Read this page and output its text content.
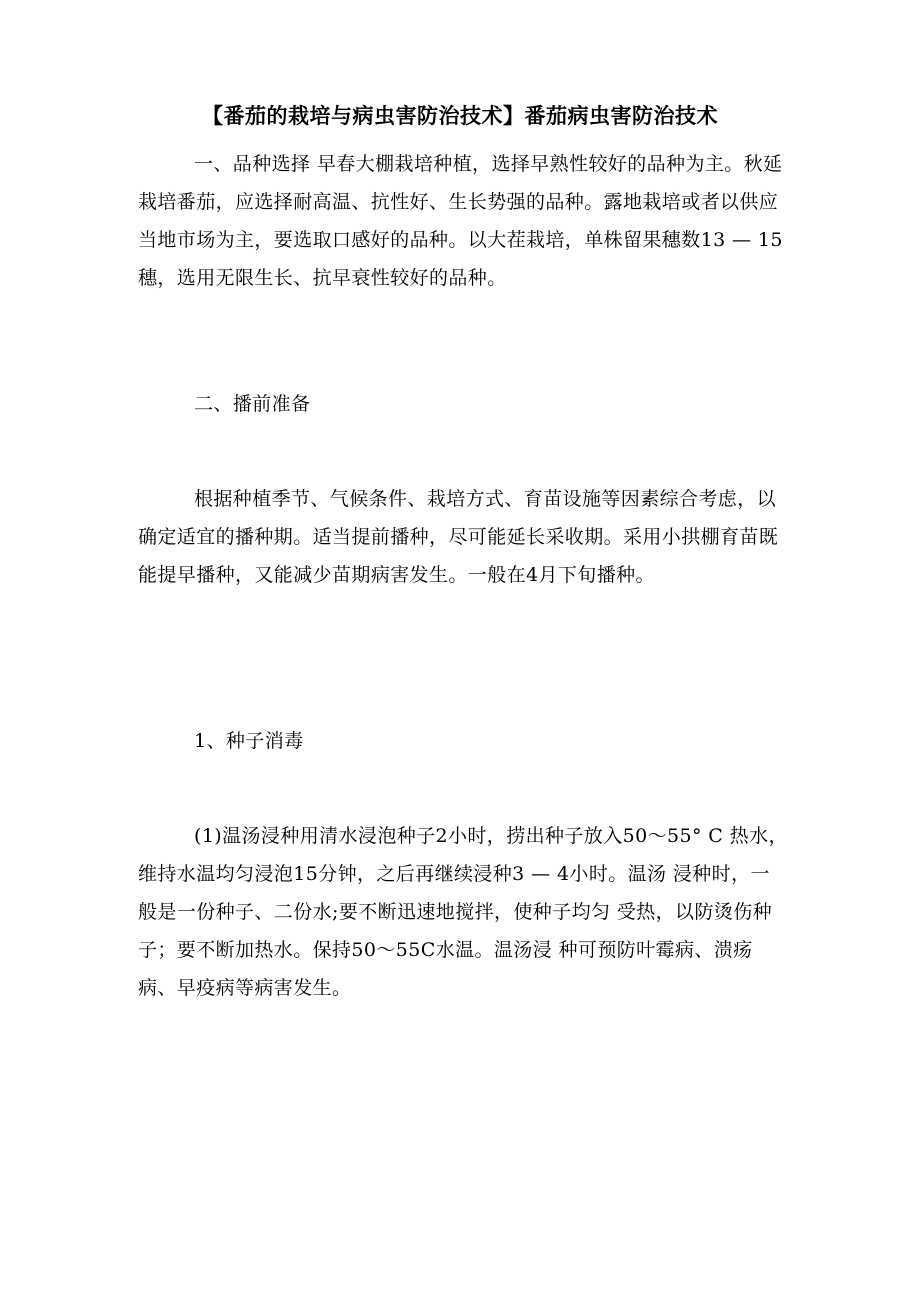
【番茄的栽培与病虫害防治技术】番茄病虫害防治技术

一、品种选择 早春大棚栽培种植，选择早熟性较好的品种为主。秋延栽培番茄，应选择耐高温、抗性好、生长势强的品种。露地栽培或者以供应当地市场为主，要选取口感好的品种。以大茬栽培，单株留果穗数13 — 15穗，选用无限生长、抗早衰性较好的品种。

二、播前准备

根据种植季节、气候条件、栽培方式、育苗设施等因素综合考虑，以确定适宜的播种期。适当提前播种，尽可能延长采收期。采用小拱棚育苗既能提早播种，又能减少苗期病害发生。一般在4月下旬播种。

1、种子消毒

(1)温汤浸种用清水浸泡种子2小时，捞出种子放入50〜55° C 热水，维持水温均匀浸泡15分钟，之后再继续浸种3 — 4小时。温汤 浸种时，一般是一份种子、二份水;要不断迅速地搅拌，使种子均匀 受热，以防烫伤种子；要不断加热水。保持50〜55C水温。温汤浸 种可预防叶霉病、溃疡病、早疫病等病害发生。
